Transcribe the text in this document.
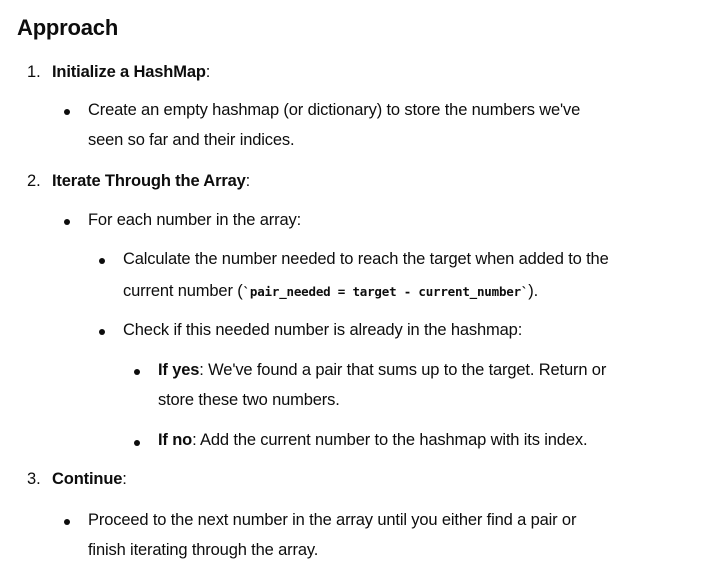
Approach
1. Initialize a HashMap:
Create an empty hashmap (or dictionary) to store the numbers we've
seen so far and their indices.
2. Iterate Through the Array:
For each number in the array:
Calculate the number needed to reach the target when added to the
current number (`pair_needed = target - current_number`).
Check if this needed number is already in the hashmap:
If yes: We've found a pair that sums up to the target. Return or
store these two numbers.
If no: Add the current number to the hashmap with its index.
3. Continue:
Proceed to the next number in the array until you either find a pair or
finish iterating through the array.
